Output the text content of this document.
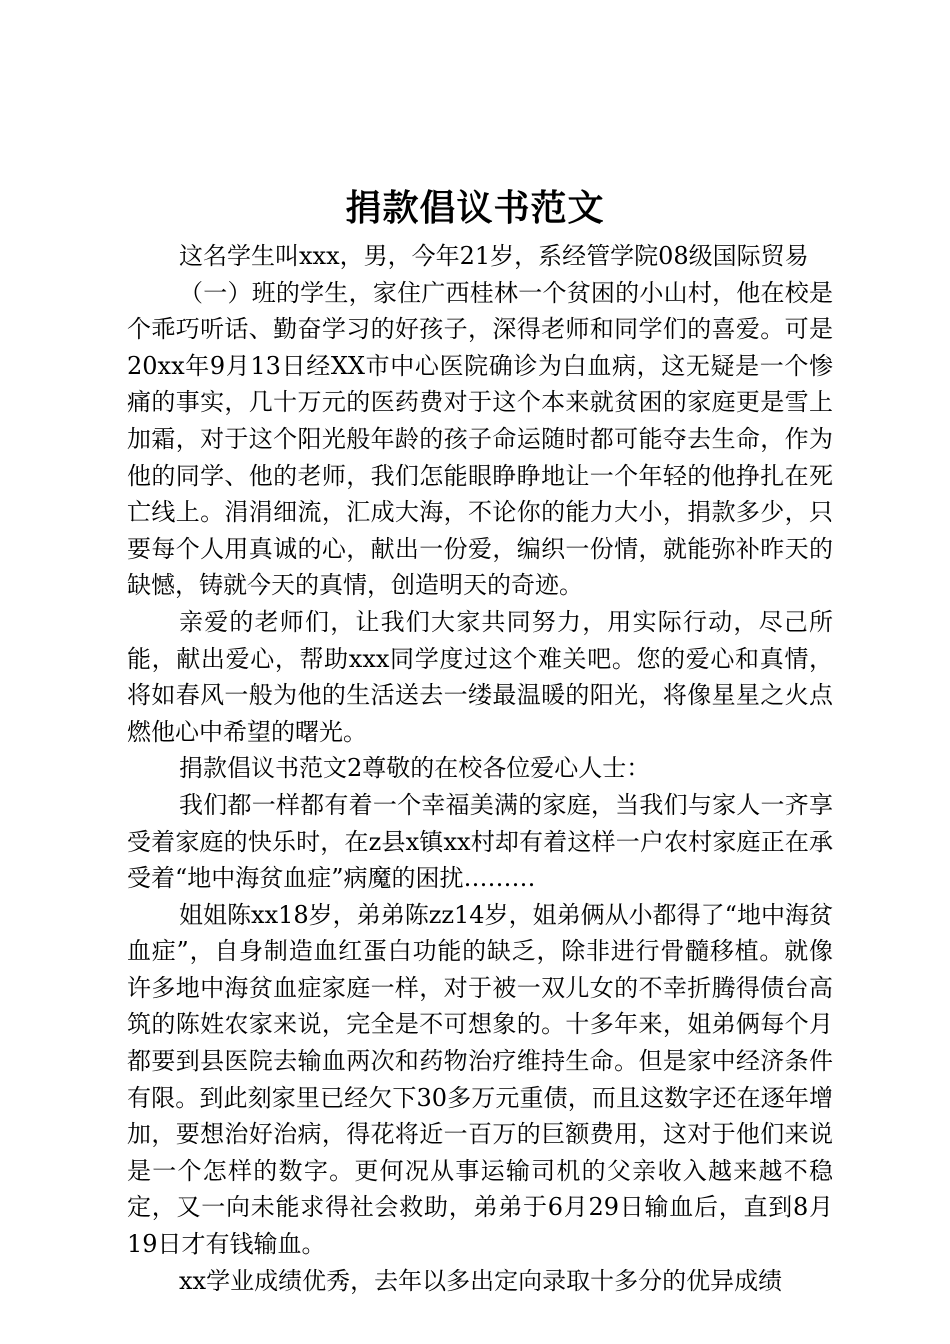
捐款倡议书范文

这名学生叫xxx，男，今年21岁，系经管学院08级国际贸易

（一）班的学生，家住广西桂林一个贫困的小山村，他在校是个乖巧听话、勤奋学习的好孩子，深得老师和同学们的喜爱。可是20xx年9月13日经XX市中心医院确诊为白血病，这无疑是一个惨痛的事实，几十万元的医药费对于这个本来就贫困的家庭更是雪上加霜，对于这个阳光般年龄的孩子命运随时都可能夺去生命，作为他的同学、他的老师，我们怎能眼睁睁地让一个年轻的他挣扎在死亡线上。涓涓细流，汇成大海，不论你的能力大小，捐款多少，只要每个人用真诚的心，献出一份爱，编织一份情，就能弥补昨天的缺憾，铸就今天的真情，创造明天的奇迹。

亲爱的老师们，让我们大家共同努力，用实际行动，尽己所能，献出爱心，帮助xxx同学度过这个难关吧。您的爱心和真情，将如春风一般为他的生活送去一缕最温暖的阳光，将像星星之火点燃他心中希望的曙光。

捐款倡议书范文2尊敬的在校各位爱心人士：

我们都一样都有着一个幸福美满的家庭，当我们与家人一齐享受着家庭的快乐时，在z县x镇xx村却有着这样一户农村家庭正在承受着“地中海贫血症”病魔的困扰………

姐姐陈xx18岁，弟弟陈zz14岁，姐弟俩从小都得了“地中海贫血症”，自身制造血红蛋白功能的缺乏，除非进行骨髓移植。就像许多地中海贫血症家庭一样，对于被一双儿女的不幸折腾得债台高筑的陈姓农家来说，完全是不可想象的。十多年来，姐弟俩每个月都要到县医院去输血两次和药物治疗维持生命。但是家中经济条件有限。到此刻家里已经欠下30多万元重债，而且这数字还在逐年增加，要想治好治病，得花将近一百万的巨额费用，这对于他们来说是一个怎样的数字。更何况从事运输司机的父亲收入越来越不稳定，又一向未能求得社会救助，弟弟于6月29日输血后，直到8月19日才有钱输血。

xx学业成绩优秀，去年以多出定向录取十多分的优异成绩
